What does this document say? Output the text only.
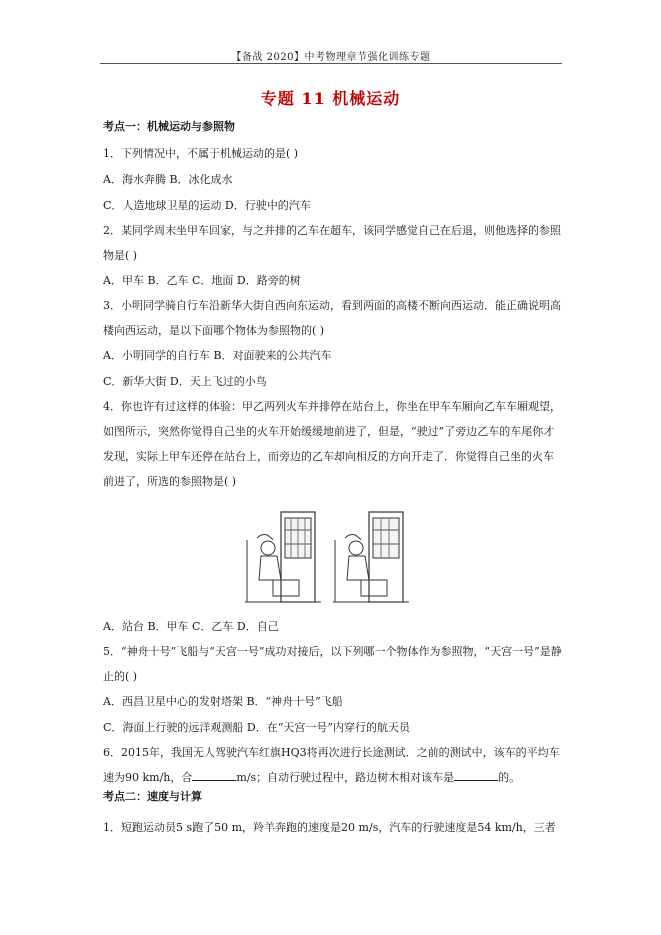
【备战 2020】中考物理章节强化训练专题
专题 11 机械运动

考点一：机械运动与参照物

1．下列情况中，不属于机械运动的是( )

A．海水奔腾 B．冰化成水

C．人造地球卫星的运动 D．行驶中的汽车

2．某同学周末坐甲车回家，与之并排的乙车在超车，该同学感觉自己在后退，则他选择的参照物是( )

A．甲车 B．乙车 C．地面 D．路旁的树

3．小明同学骑自行车沿新华大街自西向东运动，看到两面的高楼不断向西运动．能正确说明高楼向西运动，是以下面哪个物体为参照物的( )

A．小明同学的自行车 B．对面驶来的公共汽车

C．新华大街 D．天上飞过的小鸟

4．你也许有过这样的体验：甲乙两列火车并排停在站台上，你坐在甲车车厢向乙车车厢观望，如图所示，突然你觉得自己坐的火车开始缓缓地前进了，但是，“驶过”了旁边乙车的车尾你才发现，实际上甲车还停在站台上，而旁边的乙车却向相反的方向开走了．你觉得自己坐的火车前进了，所选的参照物是( )

A．站台 B．甲车 C．乙车 D．自己

5．“神舟十号”飞船与“天宫一号”成功对接后，以下列哪一个物体作为参照物，“天宫一号”是静止的( )

A．西昌卫星中心的发射塔架 B．“神舟十号”飞船

C．海面上行驶的远洋观测船 D．在“天宫一号”内穿行的航天员

6．2015年，我国无人驾驶汽车红旗HQ3将再次进行长途测试．之前的测试中，该车的平均车速为90 km/h，合	m/s；自动行驶过程中，路边树木相对该车是	的。

考点二：速度与计算

1．短跑运动员5 s跑了50 m，羚羊奔跑的速度是20 m/s，汽车的行驶速度是54 km/h，三者
